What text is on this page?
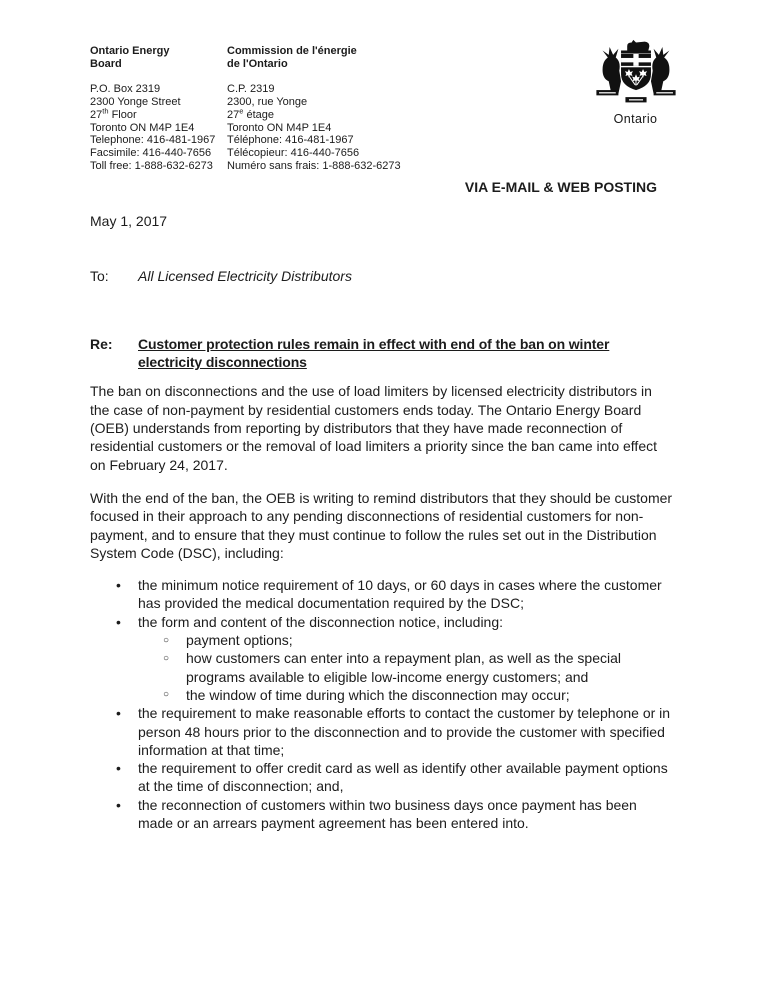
Ontario Energy
Board
P.O. Box 2319
2300 Yonge Street
27th Floor
Toronto ON M4P 1E4
Telephone: 416-481-1967
Facsimile: 416-440-7656
Toll free: 1-888-632-6273
Commission de l'énergie
de l'Ontario
C.P. 2319
2300, rue Yonge
27e étage
Toronto ON M4P 1E4
Téléphone: 416-481-1967
Télécopieur: 416-440-7656
Numéro sans frais: 1-888-632-6273
Ontario
VIA E-MAIL & WEB POSTING
May 1, 2017
To:	All Licensed Electricity Distributors
Re:	Customer protection rules remain in effect with end of the ban on winter electricity disconnections

The ban on disconnections and the use of load limiters by licensed electricity distributors in the case of non-payment by residential customers ends today. The Ontario Energy Board (OEB) understands from reporting by distributors that they have made reconnection of residential customers or the removal of load limiters a priority since the ban came into effect on February 24, 2017.

With the end of the ban, the OEB is writing to remind distributors that they should be customer focused in their approach to any pending disconnections of residential customers for non-payment, and to ensure that they must continue to follow the rules set out in the Distribution System Code (DSC), including:

• the minimum notice requirement of 10 days, or 60 days in cases where the customer has provided the medical documentation required by the DSC;
• the form and content of the disconnection notice, including:
○ payment options;
○ how customers can enter into a repayment plan, as well as the special programs available to eligible low-income energy customers; and
○ the window of time during which the disconnection may occur;
• the requirement to make reasonable efforts to contact the customer by telephone or in person 48 hours prior to the disconnection and to provide the customer with specified information at that time;
• the requirement to offer credit card as well as identify other available payment options at the time of disconnection; and,
• the reconnection of customers within two business days once payment has been made or an arrears payment agreement has been entered into.
